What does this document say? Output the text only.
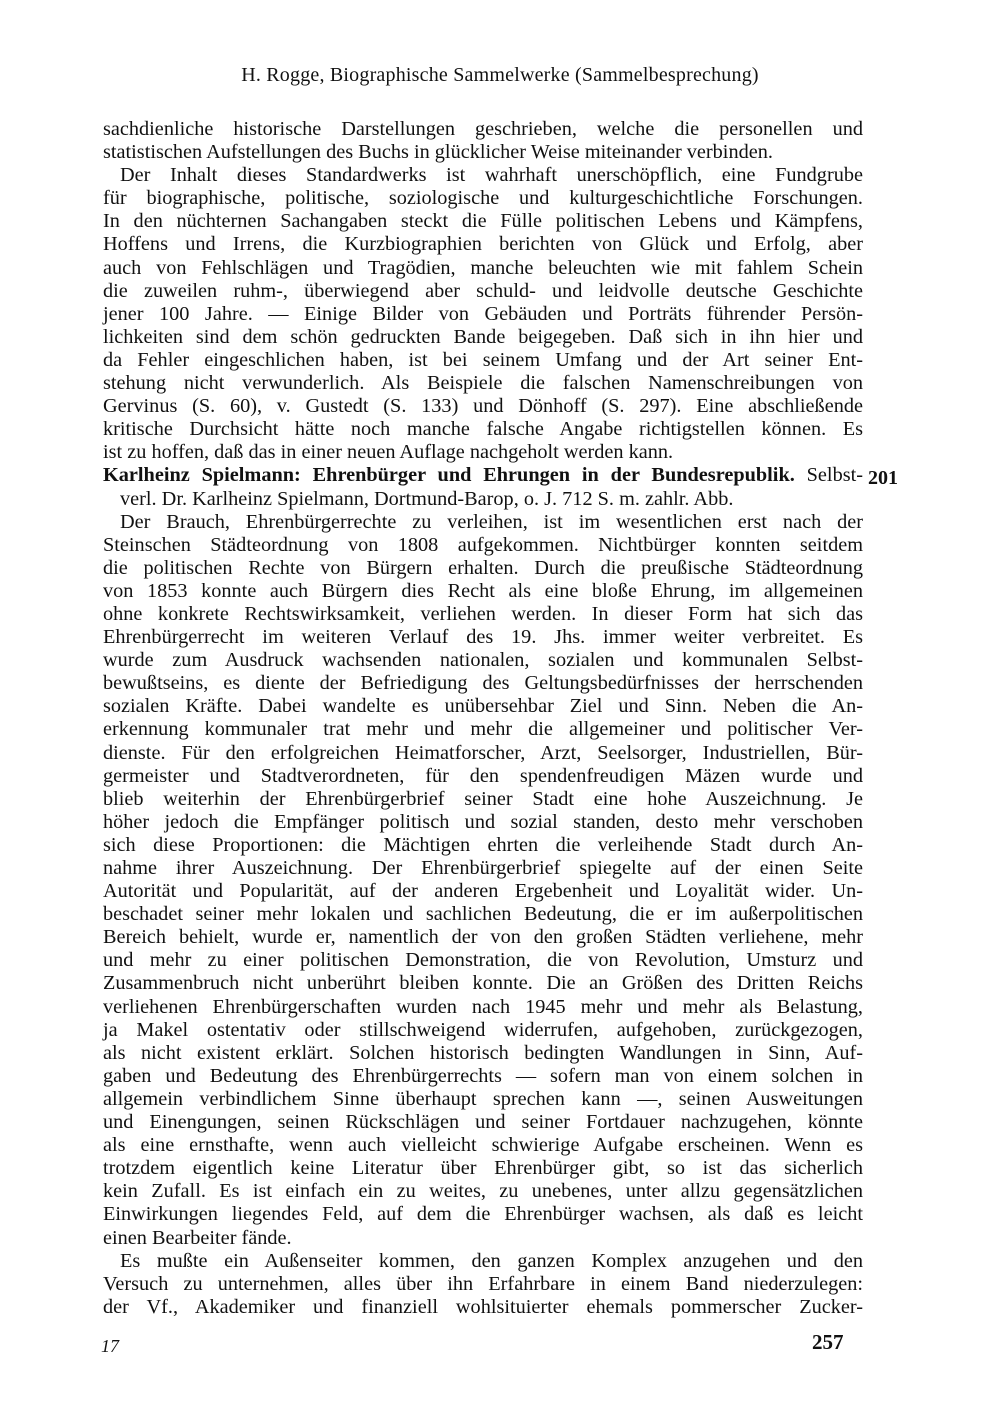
H. Rogge, Biographische Sammelwerke (Sammelbesprechung)
sachdienliche historische Darstellungen geschrieben, welche die personellen und
statistischen Aufstellungen des Buchs in glücklicher Weise miteinander verbinden.
Der Inhalt dieses Standardwerks ist wahrhaft unerschöpflich, eine Fundgrube
für biographische, politische, soziologische und kulturgeschichtliche Forschungen.
In den nüchternen Sachangaben steckt die Fülle politischen Lebens und Kämpfens,
Hoffens und Irrens, die Kurzbiographien berichten von Glück und Erfolg, aber
auch von Fehlschlägen und Tragödien, manche beleuchten wie mit fahlem Schein
die zuweilen ruhm-, überwiegend aber schuld- und leidvolle deutsche Geschichte
jener 100 Jahre. — Einige Bilder von Gebäuden und Porträts führender Persön-
lichkeiten sind dem schön gedruckten Bande beigegeben. Daß sich in ihn hier und
da Fehler eingeschlichen haben, ist bei seinem Umfang und der Art seiner Ent-
stehung nicht verwunderlich. Als Beispiele die falschen Namenschreibungen von
Gervinus (S. 60), v. Gustedt (S. 133) und Dönhoff (S. 297). Eine abschließende
kritische Durchsicht hätte noch manche falsche Angabe richtigstellen können. Es
ist zu hoffen, daß das in einer neuen Auflage nachgeholt werden kann.
Karlheinz Spielmann: Ehrenbürger und Ehrungen in der Bundesrepublik. Selbst-
verl. Dr. Karlheinz Spielmann, Dortmund-Barop, o. J. 712 S. m. zahlr. Abb.
Der Brauch, Ehrenbürgerrechte zu verleihen, ist im wesentlichen erst nach der
Steinschen Städteordnung von 1808 aufgekommen. Nichtbürger konnten seitdem
die politischen Rechte von Bürgern erhalten. Durch die preußische Städteordnung
von 1853 konnte auch Bürgern dies Recht als eine bloße Ehrung, im allgemeinen
ohne konkrete Rechtswirksamkeit, verliehen werden. In dieser Form hat sich das
Ehrenbürgerrecht im weiteren Verlauf des 19. Jhs. immer weiter verbreitet. Es
wurde zum Ausdruck wachsenden nationalen, sozialen und kommunalen Selbst-
bewußtseins, es diente der Befriedigung des Geltungsbedürfnisses der herrschenden
sozialen Kräfte. Dabei wandelte es unübersehbar Ziel und Sinn. Neben die An-
erkennung kommunaler trat mehr und mehr die allgemeiner und politischer Ver-
dienste. Für den erfolgreichen Heimatforscher, Arzt, Seelsorger, Industriellen, Bür-
germeister und Stadtverordneten, für den spendenfreudigen Mäzen wurde und
blieb weiterhin der Ehrenbürgerbrief seiner Stadt eine hohe Auszeichnung. Je
höher jedoch die Empfänger politisch und sozial standen, desto mehr verschoben
sich diese Proportionen: die Mächtigen ehrten die verleihende Stadt durch An-
nahme ihrer Auszeichnung. Der Ehrenbürgerbrief spiegelte auf der einen Seite
Autorität und Popularität, auf der anderen Ergebenheit und Loyalität wider. Un-
beschadet seiner mehr lokalen und sachlichen Bedeutung, die er im außerpolitischen
Bereich behielt, wurde er, namentlich der von den großen Städten verliehene, mehr
und mehr zu einer politischen Demonstration, die von Revolution, Umsturz und
Zusammenbruch nicht unberührt bleiben konnte. Die an Größen des Dritten Reichs
verliehenen Ehrenbürgerschaften wurden nach 1945 mehr und mehr als Belastung,
ja Makel ostentativ oder stillschweigend widerrufen, aufgehoben, zurückgezogen,
als nicht existent erklärt. Solchen historisch bedingten Wandlungen in Sinn, Auf-
gaben und Bedeutung des Ehrenbürgerrechts — sofern man von einem solchen in
allgemein verbindlichem Sinne überhaupt sprechen kann —, seinen Ausweitungen
und Einengungen, seinen Rückschlägen und seiner Fortdauer nachzugehen, könnte
als eine ernsthafte, wenn auch vielleicht schwierige Aufgabe erscheinen. Wenn es
trotzdem eigentlich keine Literatur über Ehrenbürger gibt, so ist das sicherlich
kein Zufall. Es ist einfach ein zu weites, zu unebenes, unter allzu gegensätzlichen
Einwirkungen liegendes Feld, auf dem die Ehrenbürger wachsen, als daß es leicht
einen Bearbeiter fände.
Es mußte ein Außenseiter kommen, den ganzen Komplex anzugehen und den
Versuch zu unternehmen, alles über ihn Erfahrbare in einem Band niederzulegen:
der Vf., Akademiker und finanziell wohlsituierter ehemals pommerscher Zucker-
201
17	257
